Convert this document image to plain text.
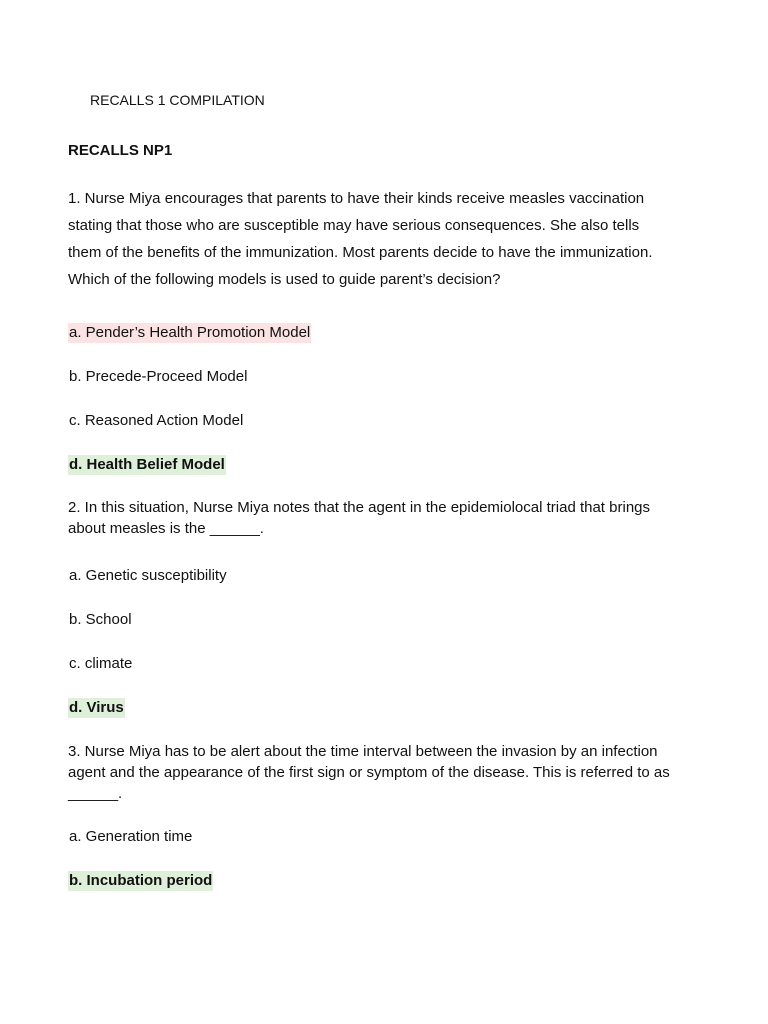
RECALLS 1 COMPILATION
RECALLS NP1
1. Nurse Miya encourages that parents to have their kinds receive measles vaccination
stating that those who are susceptible may have serious consequences. She also tells
them of the benefits of the immunization. Most parents decide to have the immunization.
Which of the following models is used to guide parent’s decision?
a. Pender’s Health Promotion Model
b. Precede-Proceed Model
c. Reasoned Action Model
d. Health Belief Model
2. In this situation, Nurse Miya notes that the agent in the epidemiolocal triad that brings
about measles is the ______.
a. Genetic susceptibility
b. School
c. climate
d. Virus
3. Nurse Miya has to be alert about the time interval between the invasion by an infection
agent and the appearance of the first sign or symptom of the disease. This is referred to as
______.
a. Generation time
b. Incubation period
